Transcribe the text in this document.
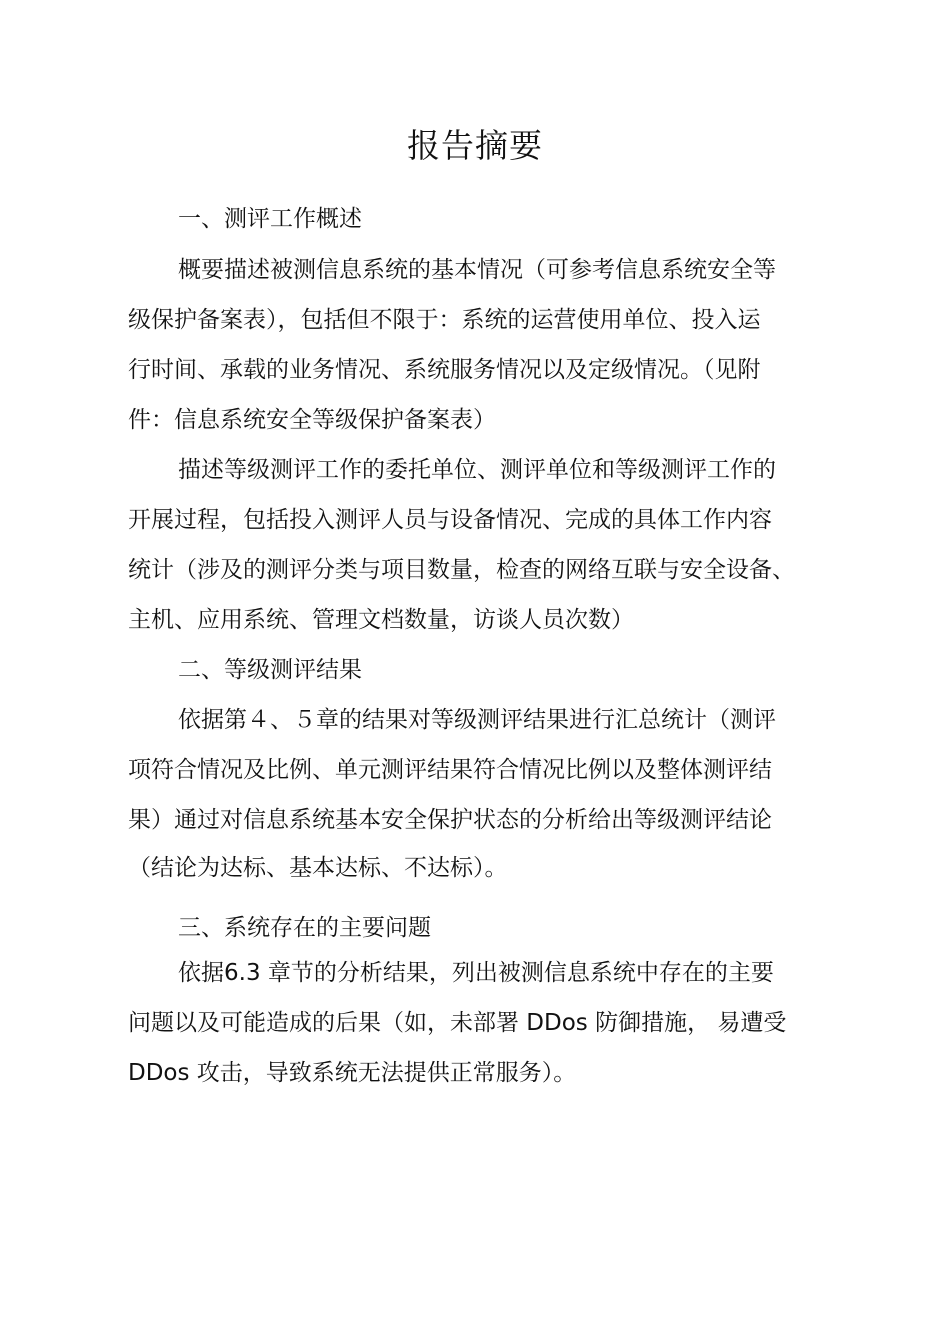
报告摘要
一、测评工作概述
概要描述被测信息系统的基本情况（可参考信息系统安全等
级保护备案表），包括但不限于：系统的运营使用单位、投入运
行时间、承载的业务情况、系统服务情况以及定级情况。（见附
件：信息系统安全等级保护备案表）
描述等级测评工作的委托单位、测评单位和等级测评工作的
开展过程，包括投入测评人员与设备情况、完成的具体工作内容
统计（涉及的测评分类与项目数量，检查的网络互联与安全设备、
主机、应用系统、管理文档数量，访谈人员次数）
二、等级测评结果
依据第４、５章的结果对等级测评结果进行汇总统计（测评
项符合情况及比例、单元测评结果符合情况比例以及整体测评结
果）通过对信息系统基本安全保护状态的分析给出等级测评结论
（结论为达标、基本达标、不达标）。
三、系统存在的主要问题
依据6.3 章节的分析结果，列出被测信息系统中存在的主要
问题以及可能造成的后果（如，未部署 DDos 防御措施， 易遭受
DDos 攻击，导致系统无法提供正常服务）。
